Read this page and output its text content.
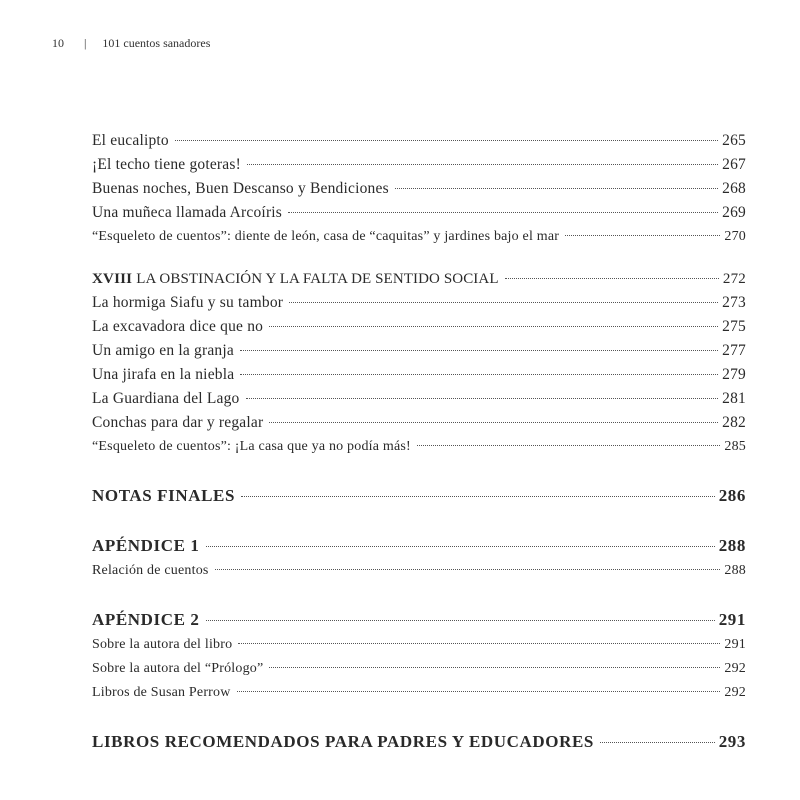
10	| 101 cuentos sanadores
El eucalipto	265
¡El techo tiene goteras!	267
Buenas noches, Buen Descanso y Bendiciones	268
Una muñeca llamada Arcoíris	269
“Esqueleto de cuentos”: diente de león, casa de “caquitas” y jardines bajo el mar	270
XVIII LA OBSTINACIÓN Y LA FALTA DE SENTIDO SOCIAL	272
La hormiga Siafu y su tambor	273
La excavadora dice que no	275
Un amigo en la granja	277
Una jirafa en la niebla	279
La Guardiana del Lago	281
Conchas para dar y regalar	282
“Esqueleto de cuentos”: ¡La casa que ya no podía más!	285
NOTAS FINALES	286
APÉNDICE 1	288
Relación de cuentos	288
APÉNDICE 2	291
Sobre la autora del libro	291
Sobre la autora del “Prólogo”	292
Libros de Susan Perrow	292
LIBROS RECOMENDADOS PARA PADRES Y EDUCADORES	293
